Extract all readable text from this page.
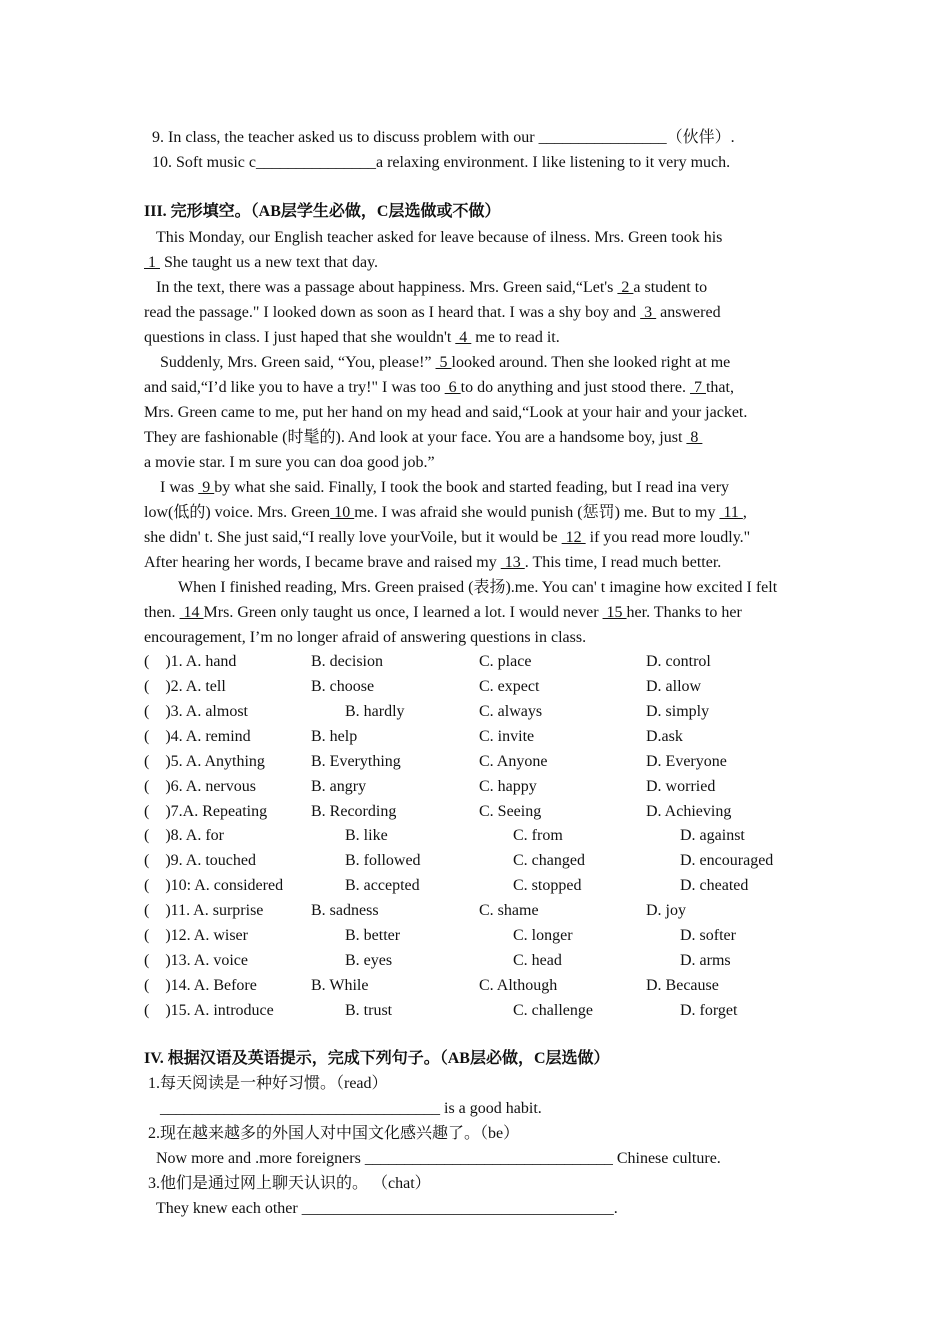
9. In class, the teacher asked us to discuss problem with our ________________（伙伴）.
10. Soft music c_______________a relaxing environment. I like listening to it very much.
III. 完形填空。（AB层学生必做，C层选做或不做）
This Monday, our English teacher asked for leave because of ilness. Mrs. Green took his
1  She taught us a new text that day.
In the text, there was a passage about happiness. Mrs. Green said,“Let's  2 a student to
read the passage." I looked down as soon as I heard that. I was a shy boy and  3  answered
questions in class. I just haped that she wouldn't  4  me to read it.
Suddenly, Mrs. Green said, “You, please!”  5 looked around. Then she looked right at me
and said,“I’d like you to have a try!" I was too  6 to do anything and just stood there.  7 that,
Mrs. Green came to me, put her hand on my head and said,“Look at your hair and your jacket.
They are fashionable (时髦的). And look at your face. You are a handsome boy, just  8
a movie star. I m sure you can doa good job.”
I was  9 by what she said. Finally, I took the book and started feading, but I read ina very
low(低的) voice. Mrs. Green 10 me. I was afraid she would punish (惩罚) me. But to my  11 ,
she didn' t. She just said,“I really love yourVoile, but it would be  12  if you read more loudly."
After hearing her words, I became brave and raised my  13 . This time, I read much better.
When I finished reading, Mrs. Green praised (表扬).me. You can' t imagine how excited I felt
then.  14 Mrs. Green only taught us once, I learned a lot. I would never  15 her. Thanks to her
encouragement, I’m no longer afraid of answering questions in class.
(    )1. A. hand	B. decision	C. place	D. control
(    )2. A. tell	B. choose	C. expect	D. allow
(    )3. A. almost	B. hardly	C. always	D. simply
(    )4. A. remind	B. help	C. invite	D.ask
(    )5. A. Anything	B. Everything	C. Anyone	D. Everyone
(    )6. A. nervous	B. angry	C. happy	D. worried
(    )7.A. Repeating	B. Recording	C. Seeing	D. Achieving
(    )8. A. for	B. like	C. from	D. against
(    )9. A. touched	B. followed	C. changed	D. encouraged
(    )10: A. considered	B. accepted	C. stopped	D. cheated
(    )11. A. surprise	B. sadness	C. shame	D. joy
(    )12. A. wiser	B. better	C. longer	D. softer
(    )13. A. voice	B. eyes	C. head	D. arms
(    )14. A. Before	B. While	C. Although	D. Because
(    )15. A. introduce	B. trust	C. challenge	D. forget
IV. 根据汉语及英语提示，完成下列句子。（AB层必做，C层选做）
1.每天阅读是一种好习惯。（read）
___________________________________ is a good habit.
2.现在越来越多的外国人对中国文化感兴趣了。（be）
Now more and .more foreigners _______________________________ Chinese culture.
3.他们是通过网上聊天认识的。 （chat）
They knew each other _______________________________________.
